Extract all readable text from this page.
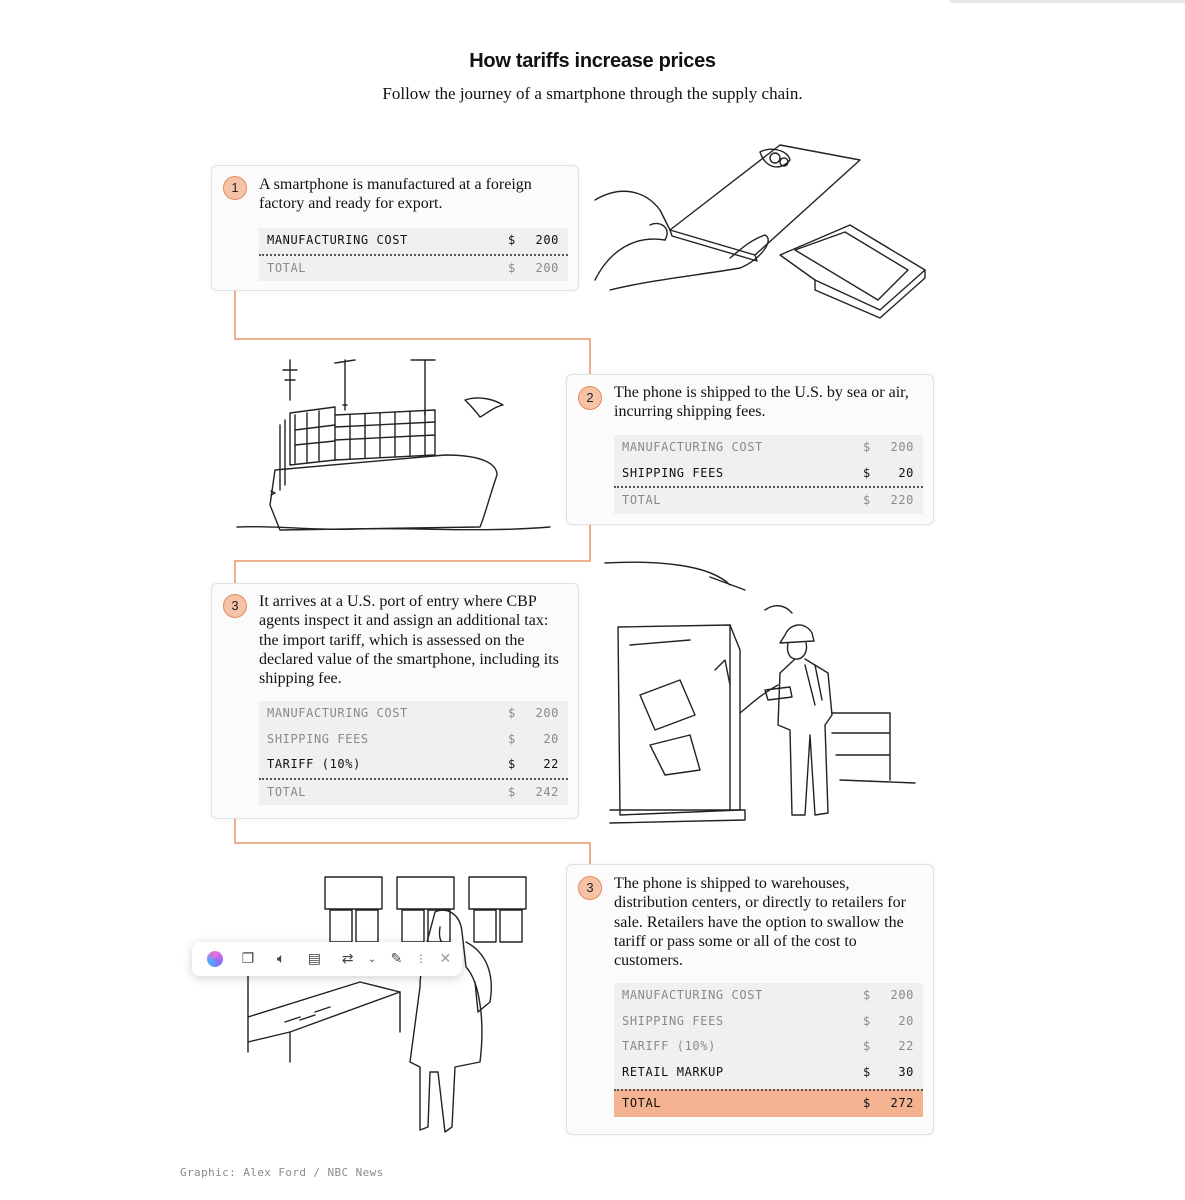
How tariffs increase prices
Follow the journey of a smartphone through the supply chain.
1	A smartphone is manufactured at a foreign factory and ready for export.
MANUFACTURING COST	$ 200
TOTAL	$ 200
2	The phone is shipped to the U.S. by sea or air, incurring shipping fees.
MANUFACTURING COST	$ 200
SHIPPING FEES	$ 20
TOTAL	$ 220
3	It arrives at a U.S. port of entry where CBP agents inspect it and assign an additional tax: the import tariff, which is assessed on the declared value of the smartphone, including its shipping fee.
MANUFACTURING COST	$ 200
SHIPPING FEES	$ 20
TARIFF (10%)	$ 22
TOTAL	$ 242
3	The phone is shipped to warehouses, distribution centers, or directly to retailers for sale. Retailers have the option to swallow the tariff or pass some or all of the cost to customers.
MANUFACTURING COST	$ 200
SHIPPING FEES	$ 20
TARIFF (10%)	$ 22
RETAIL MARKUP	$ 30
TOTAL	$ 272
Graphic: Alex Ford / NBC News
❐	🔈︎	▤	⇄	⌄	✎	⋮ ✕
